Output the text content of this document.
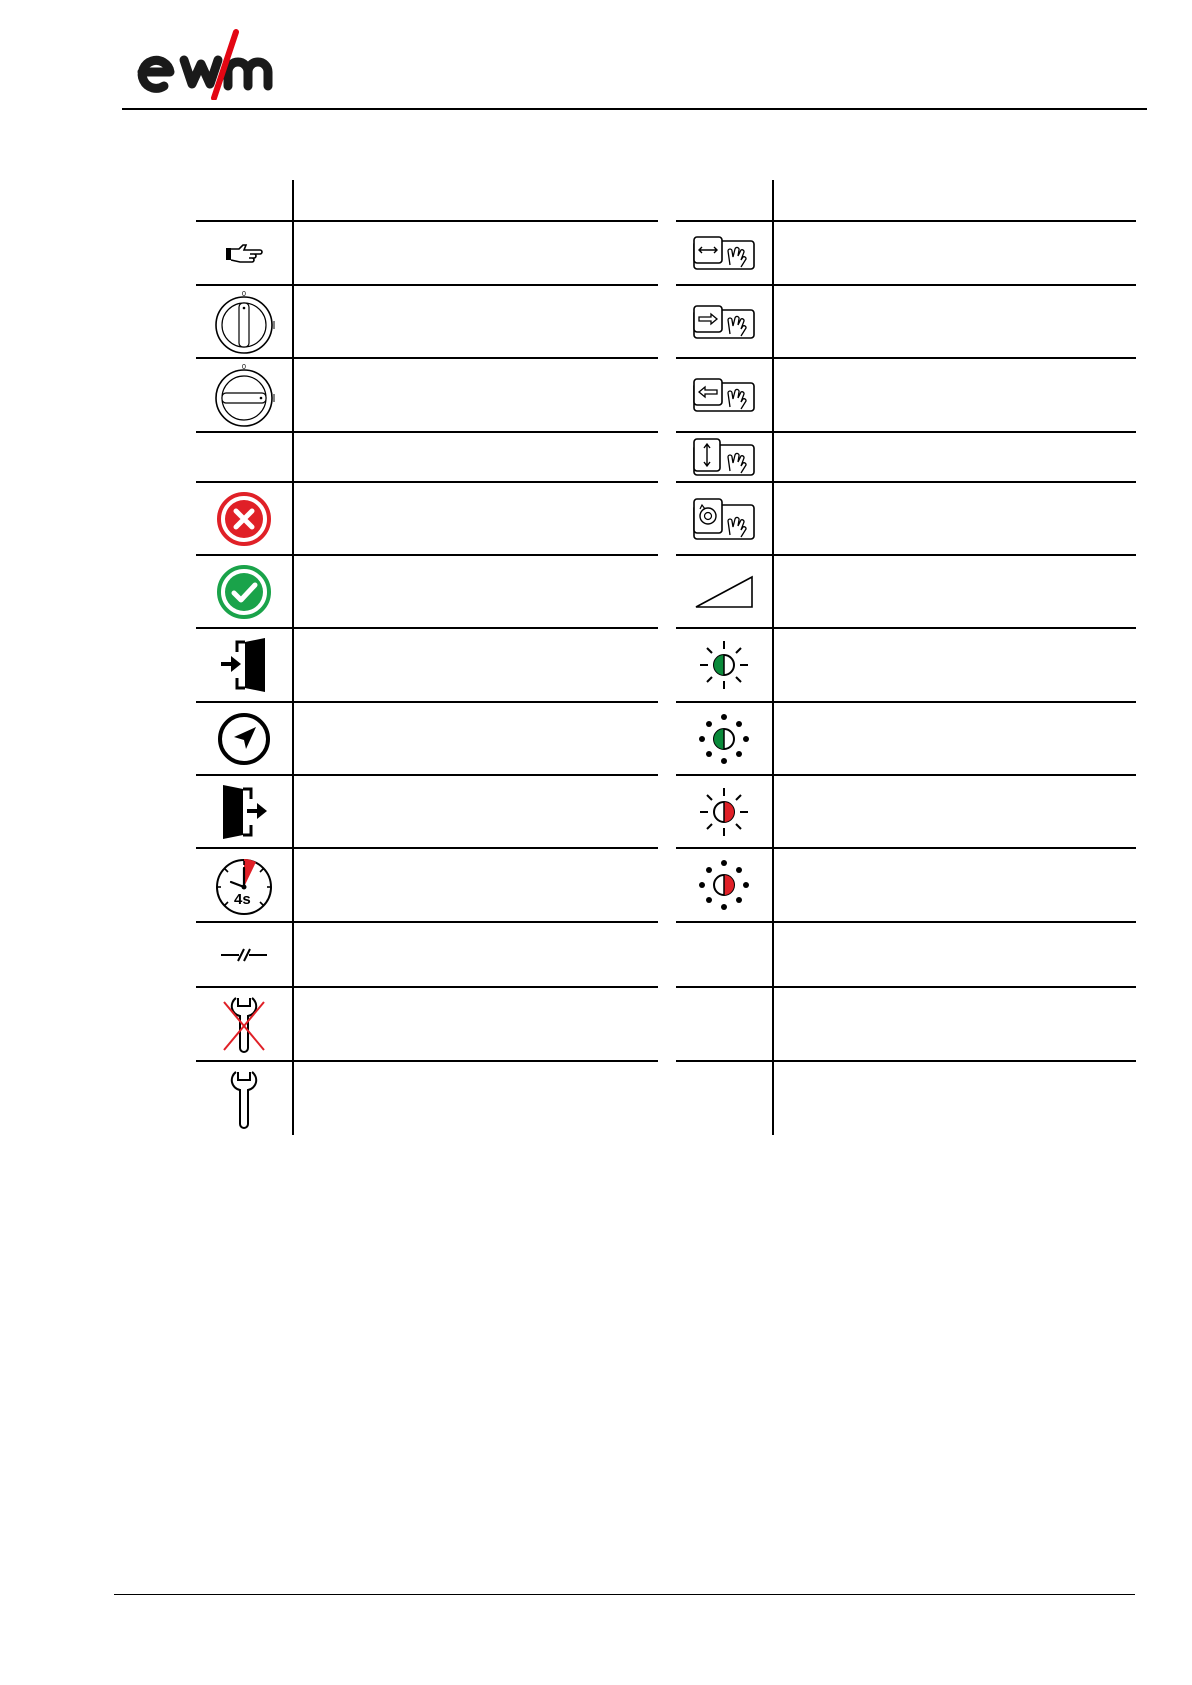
0
0
4s
